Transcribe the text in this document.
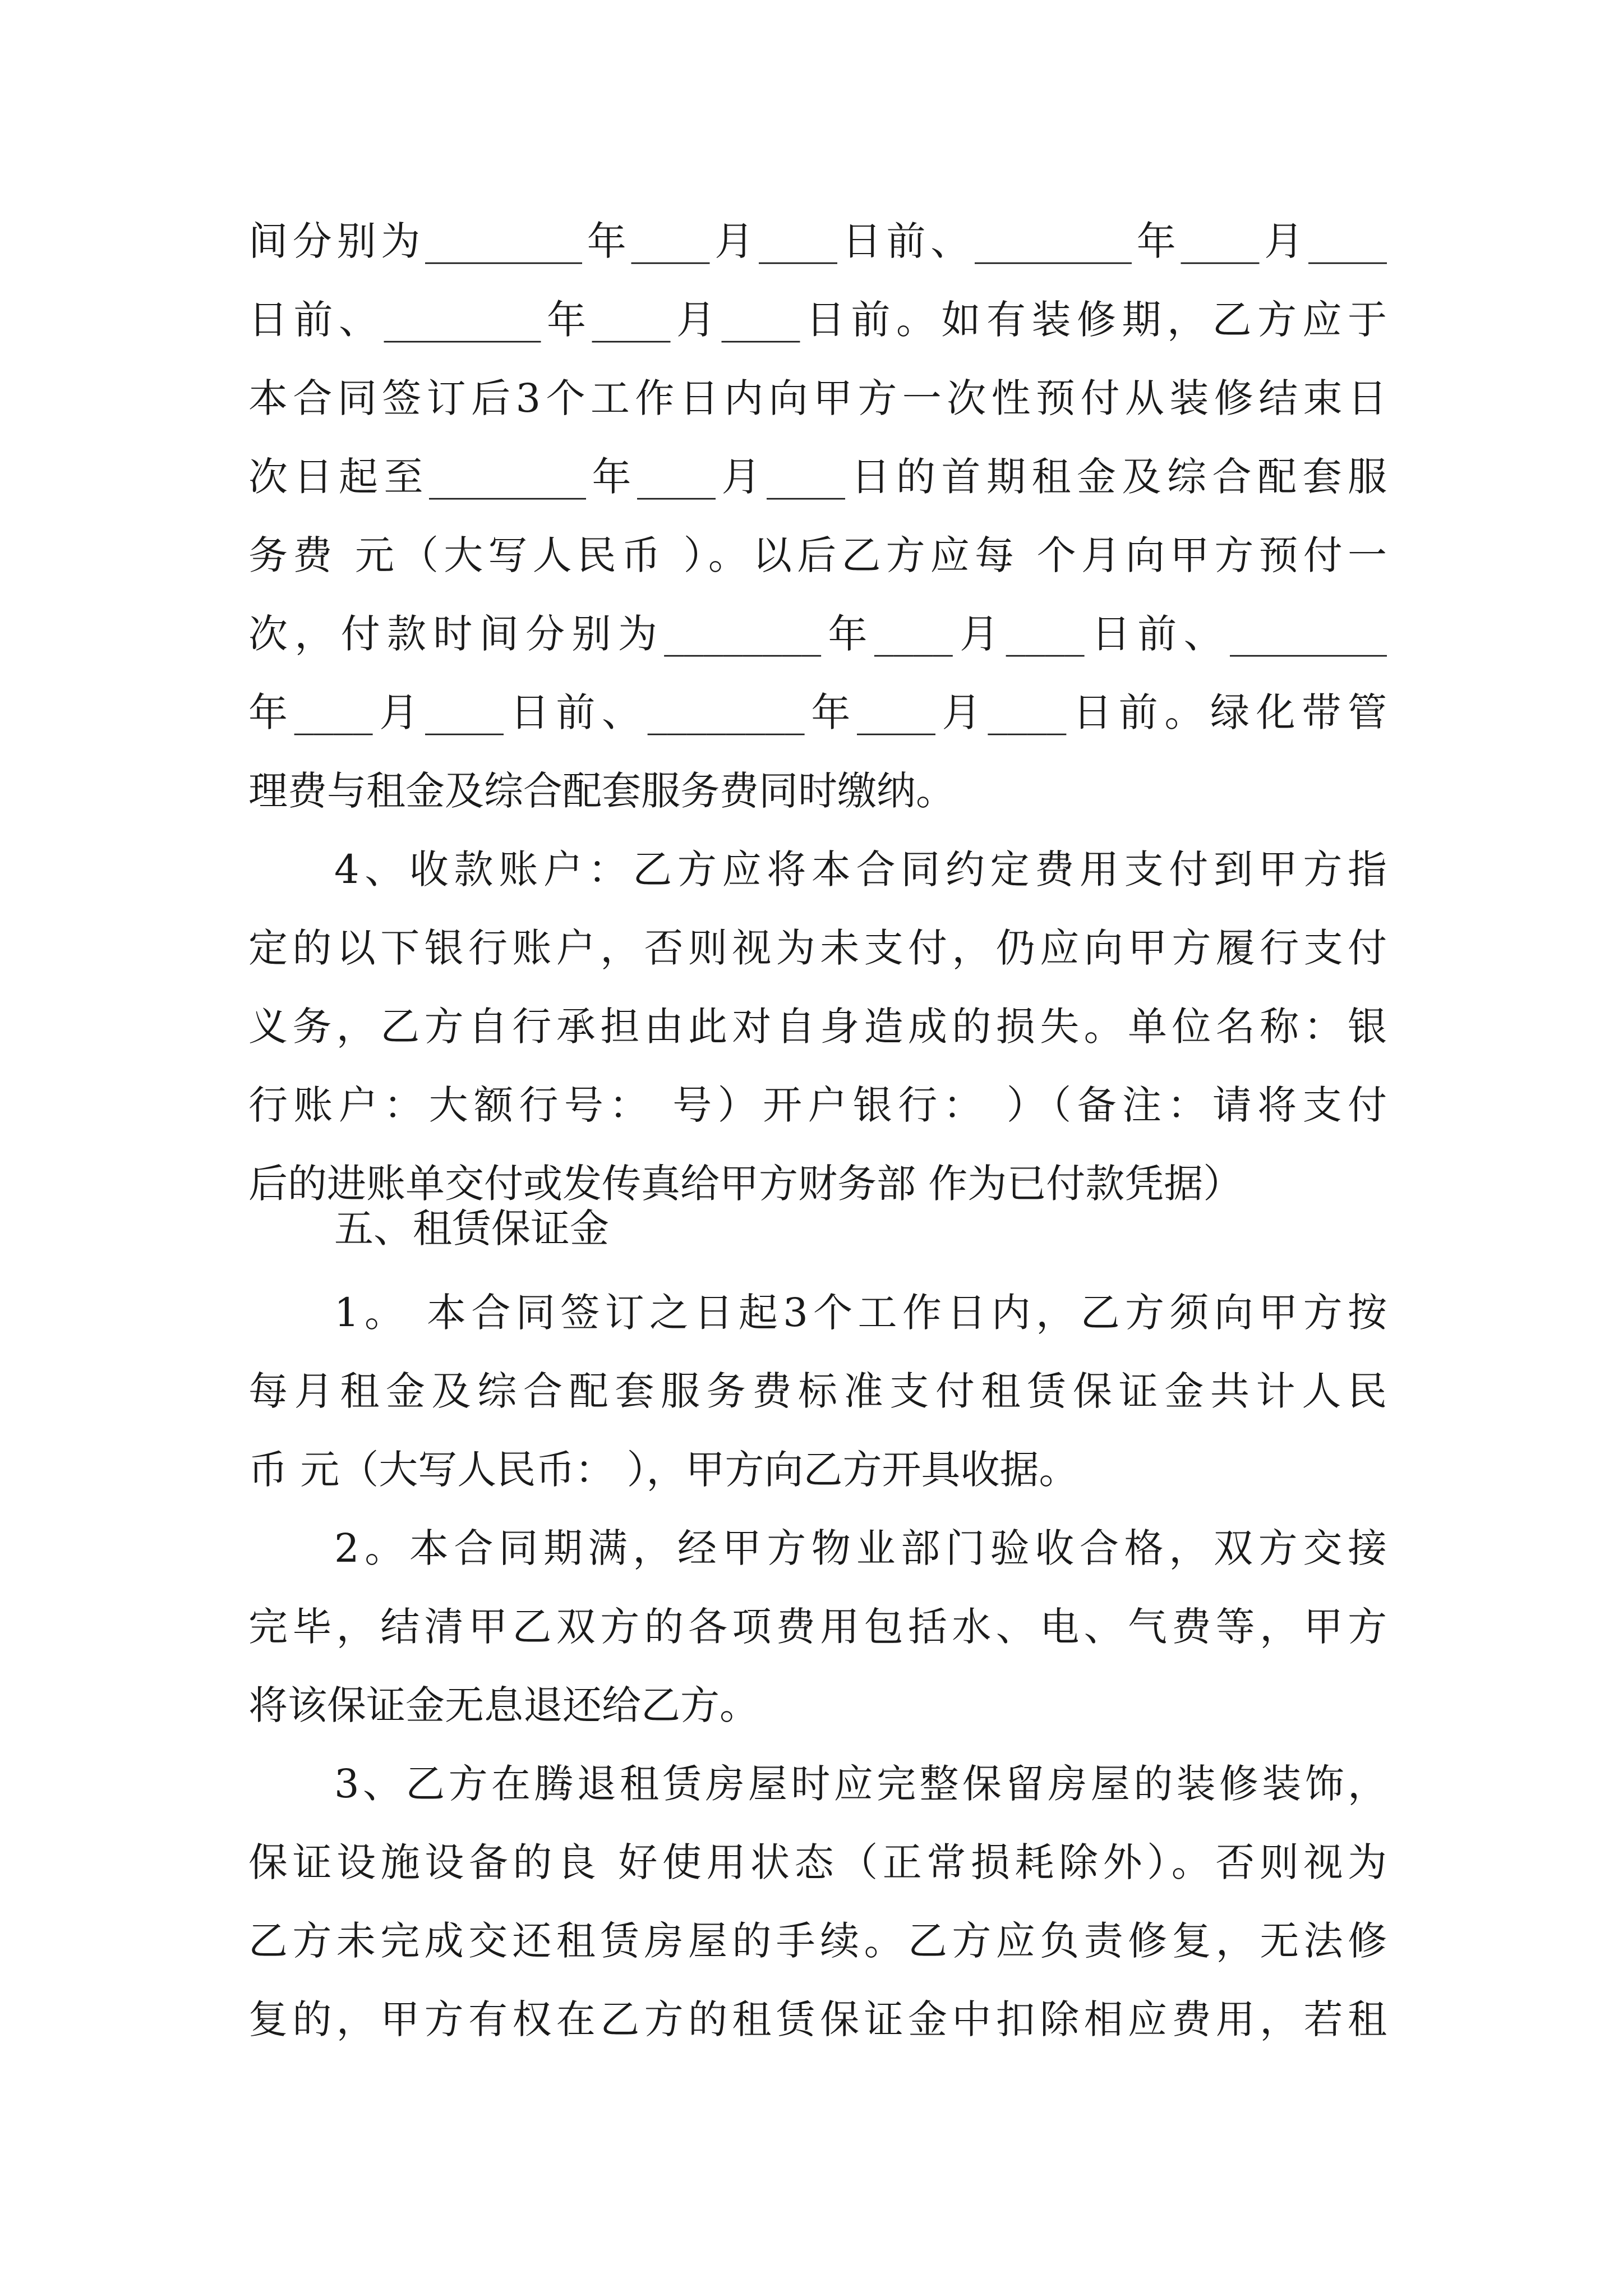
间分别为________年____月____日前、________年____月____
日前、________年____月____日前。如有装修期，乙方应于
本合同签订后3个工作日内向甲方一次性预付从装修结束日
次日起至________年____月____日的首期租金及综合配套服
务费 元（大写人民币 ）。以后乙方应每 个月向甲方预付一
次，付款时间分别为________年____月____日前、________
年____月____日前、________年____月____日前。绿化带管
理费与租金及综合配套服务费同时缴纳。
4、收款账户：乙方应将本合同约定费用支付到甲方指
定的以下银行账户，否则视为未支付，仍应向甲方履行支付
义务，乙方自行承担由此对自身造成的损失。单位名称：银
行账户：大额行号： 号）开户银行： ）（备注：请将支付
后的进账单交付或发传真给甲方财务部 作为已付款凭据）
五、租赁保证金
1。 本合同签订之日起3个工作日内，乙方须向甲方按
每月租金及综合配套服务费标准支付租赁保证金共计人民
币 元（大写人民币： ），甲方向乙方开具收据。
2。本合同期满，经甲方物业部门验收合格，双方交接
完毕，结清甲乙双方的各项费用包括水、电、气费等，甲方
将该保证金无息退还给乙方。
3、乙方在腾退租赁房屋时应完整保留房屋的装修装饰，
保证设施设备的良 好使用状态（正常损耗除外）。否则视为
乙方未完成交还租赁房屋的手续。乙方应负责修复，无法修
复的，甲方有权在乙方的租赁保证金中扣除相应费用，若租
